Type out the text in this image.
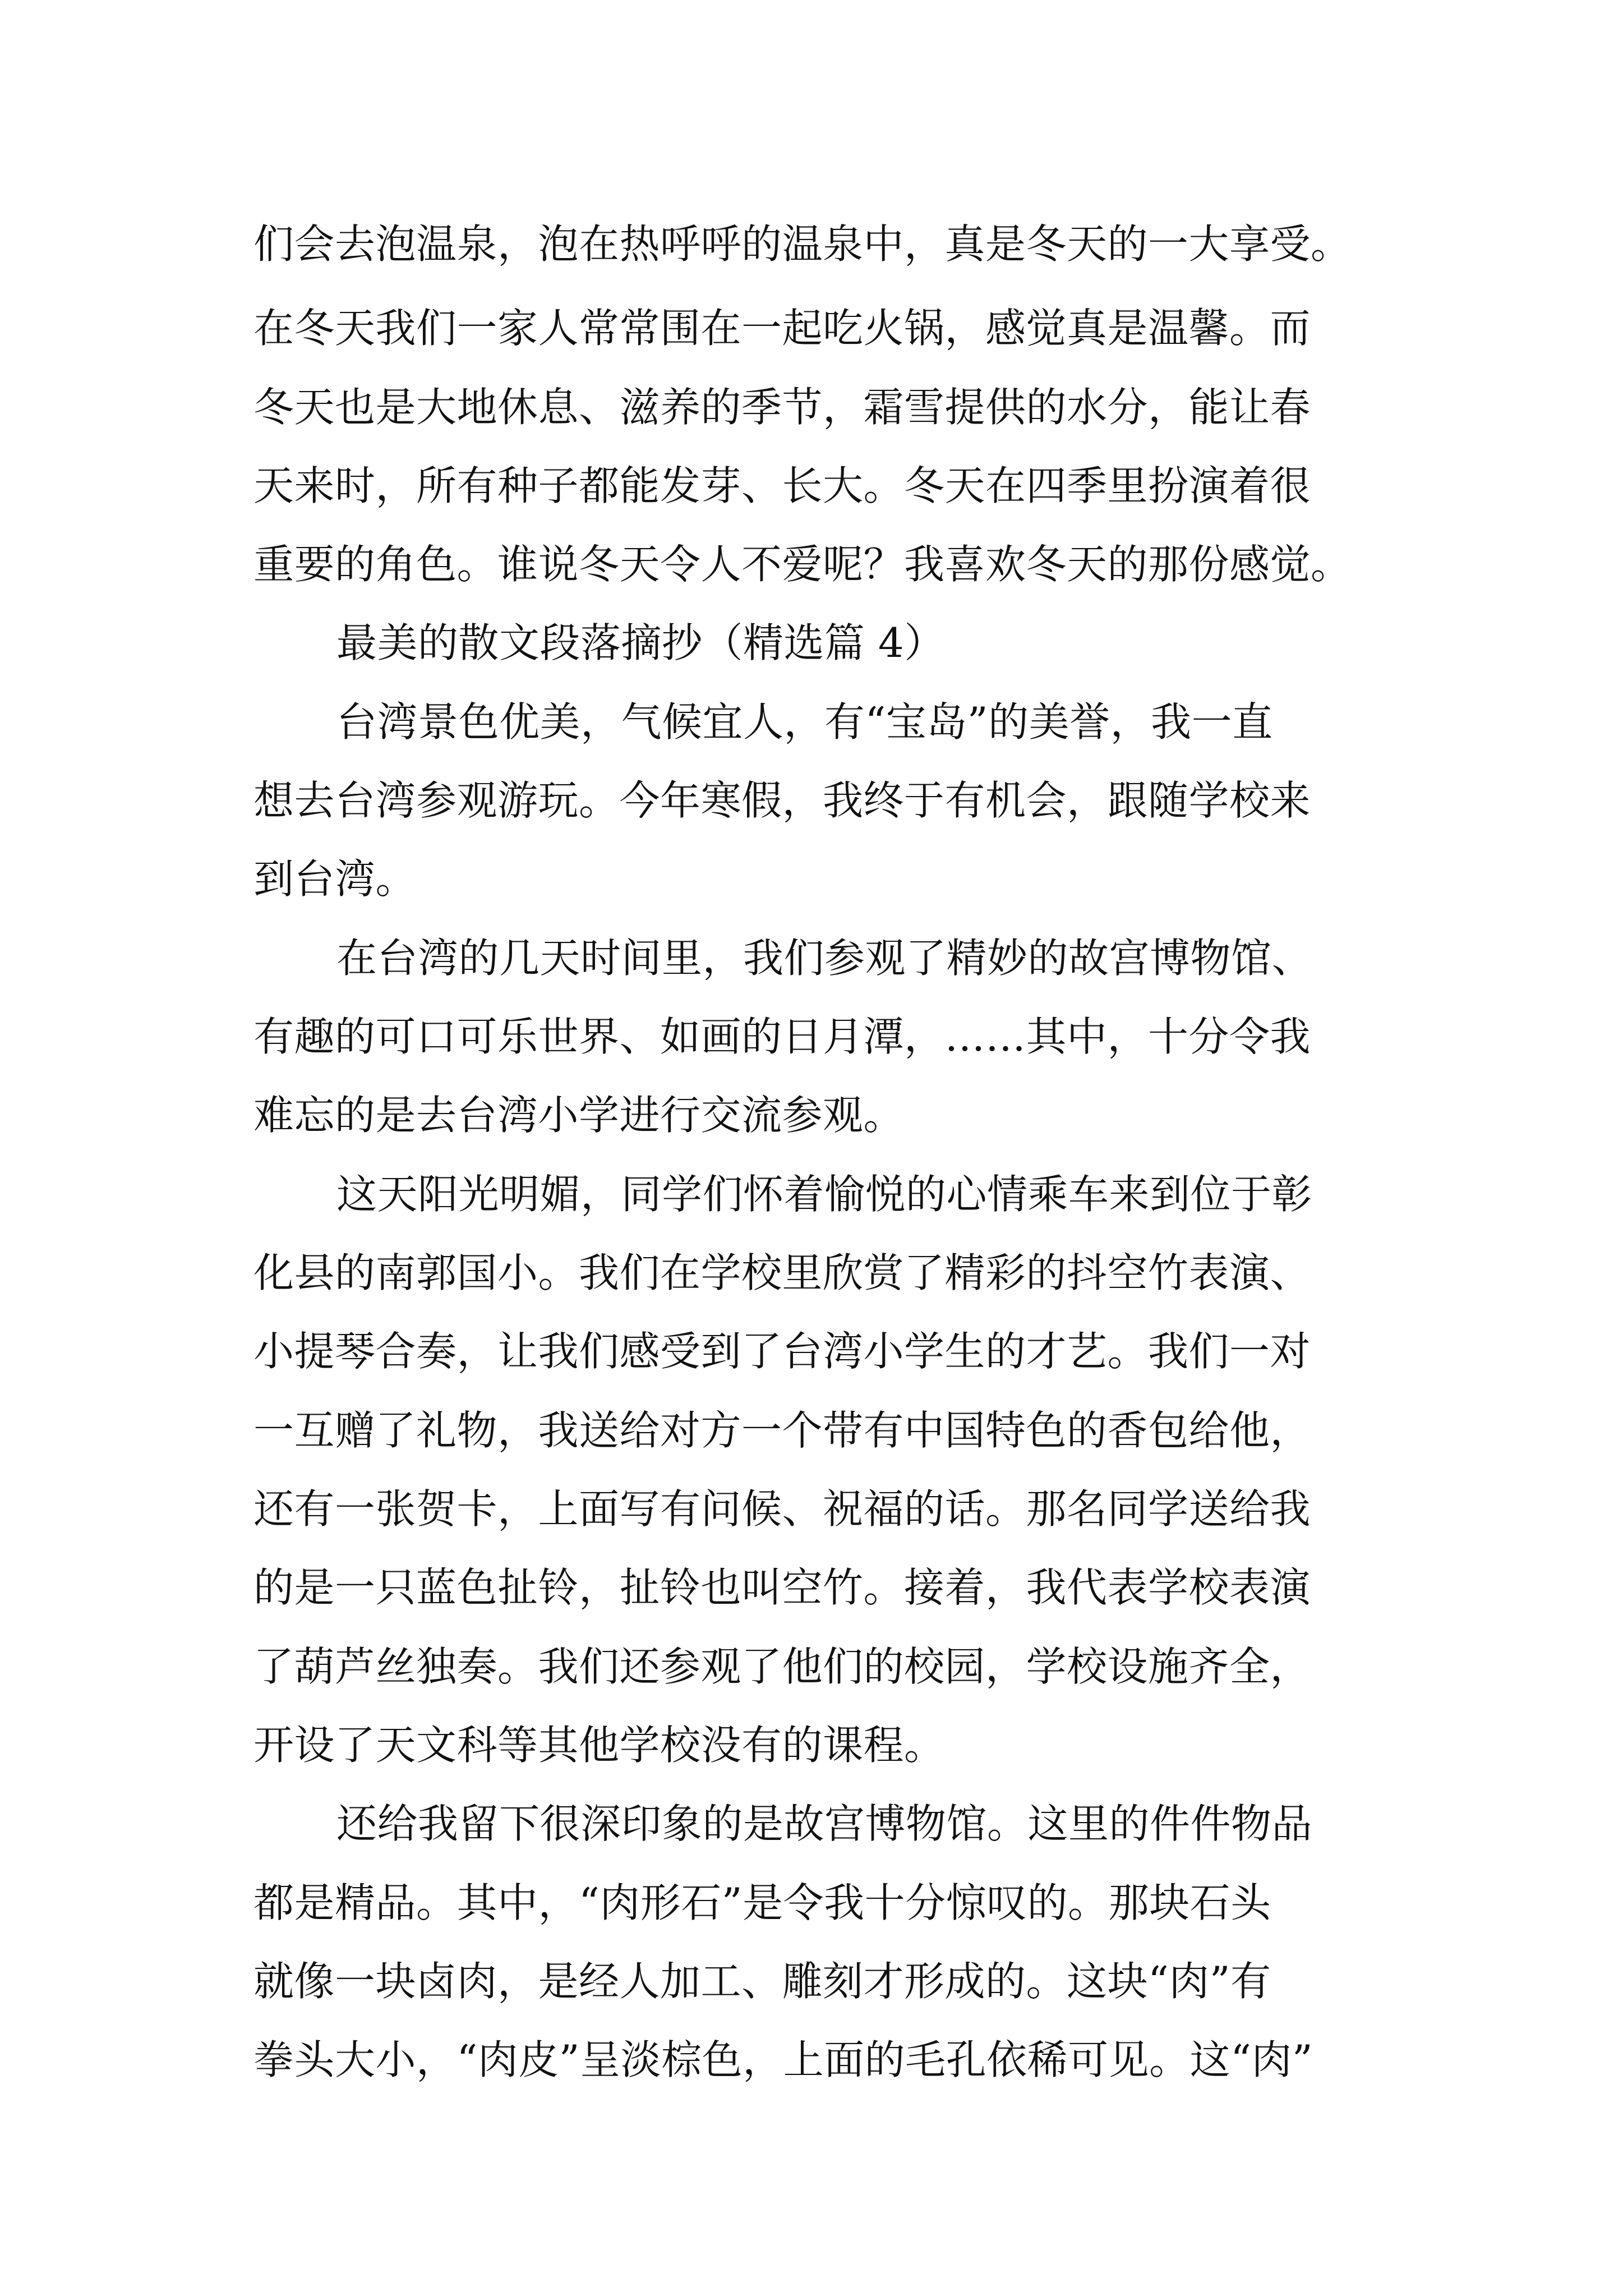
们会去泡温泉，泡在热呼呼的温泉中，真是冬天的一大享受。
在冬天我们一家人常常围在一起吃火锅，感觉真是温馨。而
冬天也是大地休息、滋养的季节，霜雪提供的水分，能让春
天来时，所有种子都能发芽、长大。冬天在四季里扮演着很
重要的角色。谁说冬天令人不爱呢？我喜欢冬天的那份感觉。
最美的散文段落摘抄（精选篇 4）
台湾景色优美，气候宜人，有“宝岛”的美誉，我一直
想去台湾参观游玩。今年寒假，我终于有机会，跟随学校来
到台湾。
在台湾的几天时间里，我们参观了精妙的故宫博物馆、
有趣的可口可乐世界、如画的日月潭，……其中，十分令我
难忘的是去台湾小学进行交流参观。
这天阳光明媚，同学们怀着愉悦的心情乘车来到位于彰
化县的南郭国小。我们在学校里欣赏了精彩的抖空竹表演、
小提琴合奏，让我们感受到了台湾小学生的才艺。我们一对
一互赠了礼物，我送给对方一个带有中国特色的香包给他，
还有一张贺卡，上面写有问候、祝福的话。那名同学送给我
的是一只蓝色扯铃，扯铃也叫空竹。接着，我代表学校表演
了葫芦丝独奏。我们还参观了他们的校园，学校设施齐全，
开设了天文科等其他学校没有的课程。
还给我留下很深印象的是故宫博物馆。这里的件件物品
都是精品。其中，“肉形石”是令我十分惊叹的。那块石头
就像一块卤肉，是经人加工、雕刻才形成的。这块“肉”有
拳头大小，“肉皮”呈淡棕色，上面的毛孔依稀可见。这“肉”
